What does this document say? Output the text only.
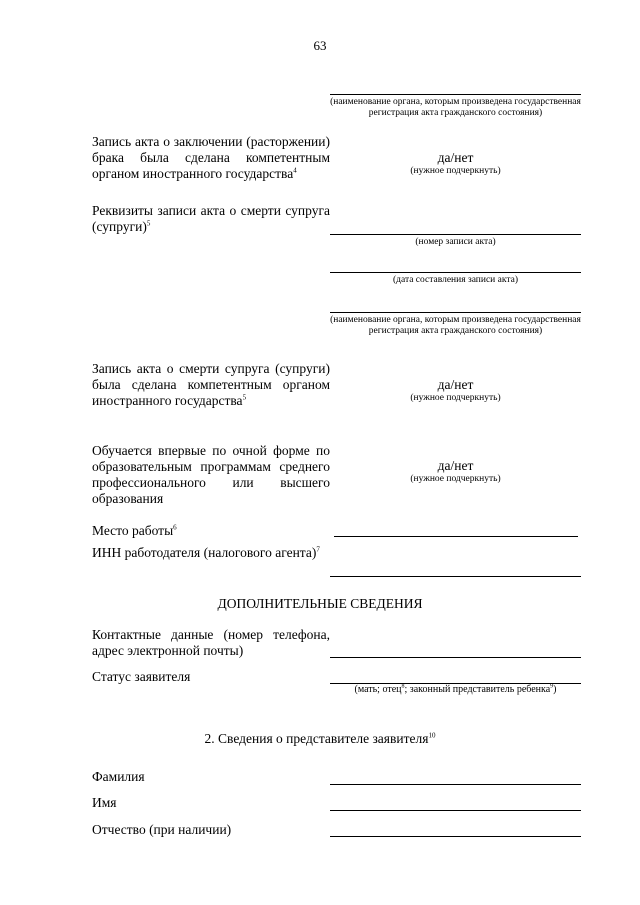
63
(наименование органа, которым произведена государственная регистрация акта гражданского состояния)
Запись акта о заключении (расторжении) брака была сделана компетентным органом иностранного государства$^4$
да/нет
(нужное подчеркнуть)
Реквизиты записи акта о смерти супруга (супруги)$^5$
(номер записи акта)
(дата составления записи акта)
(наименование органа, которым произведена государственная регистрация акта гражданского состояния)
Запись акта о смерти супруга (супруги) была сделана компетентным органом иностранного государства$^5$
да/нет
(нужное подчеркнуть)
Обучается впервые по очной форме по образовательным программам среднего профессионального или высшего образования
да/нет
(нужное подчеркнуть)
Место работы$^6$
ИНН работодателя (налогового агента)$^7$
ДОПОЛНИТЕЛЬНЫЕ СВЕДЕНИЯ
Контактные данные (номер телефона, адрес электронной почты)
Статус заявителя
(мать; отец$^8$; законный представитель ребенка$^9$)
2. Сведения о представителе заявителя$^{10}$
Фамилия
Имя
Отчество (при наличии)
